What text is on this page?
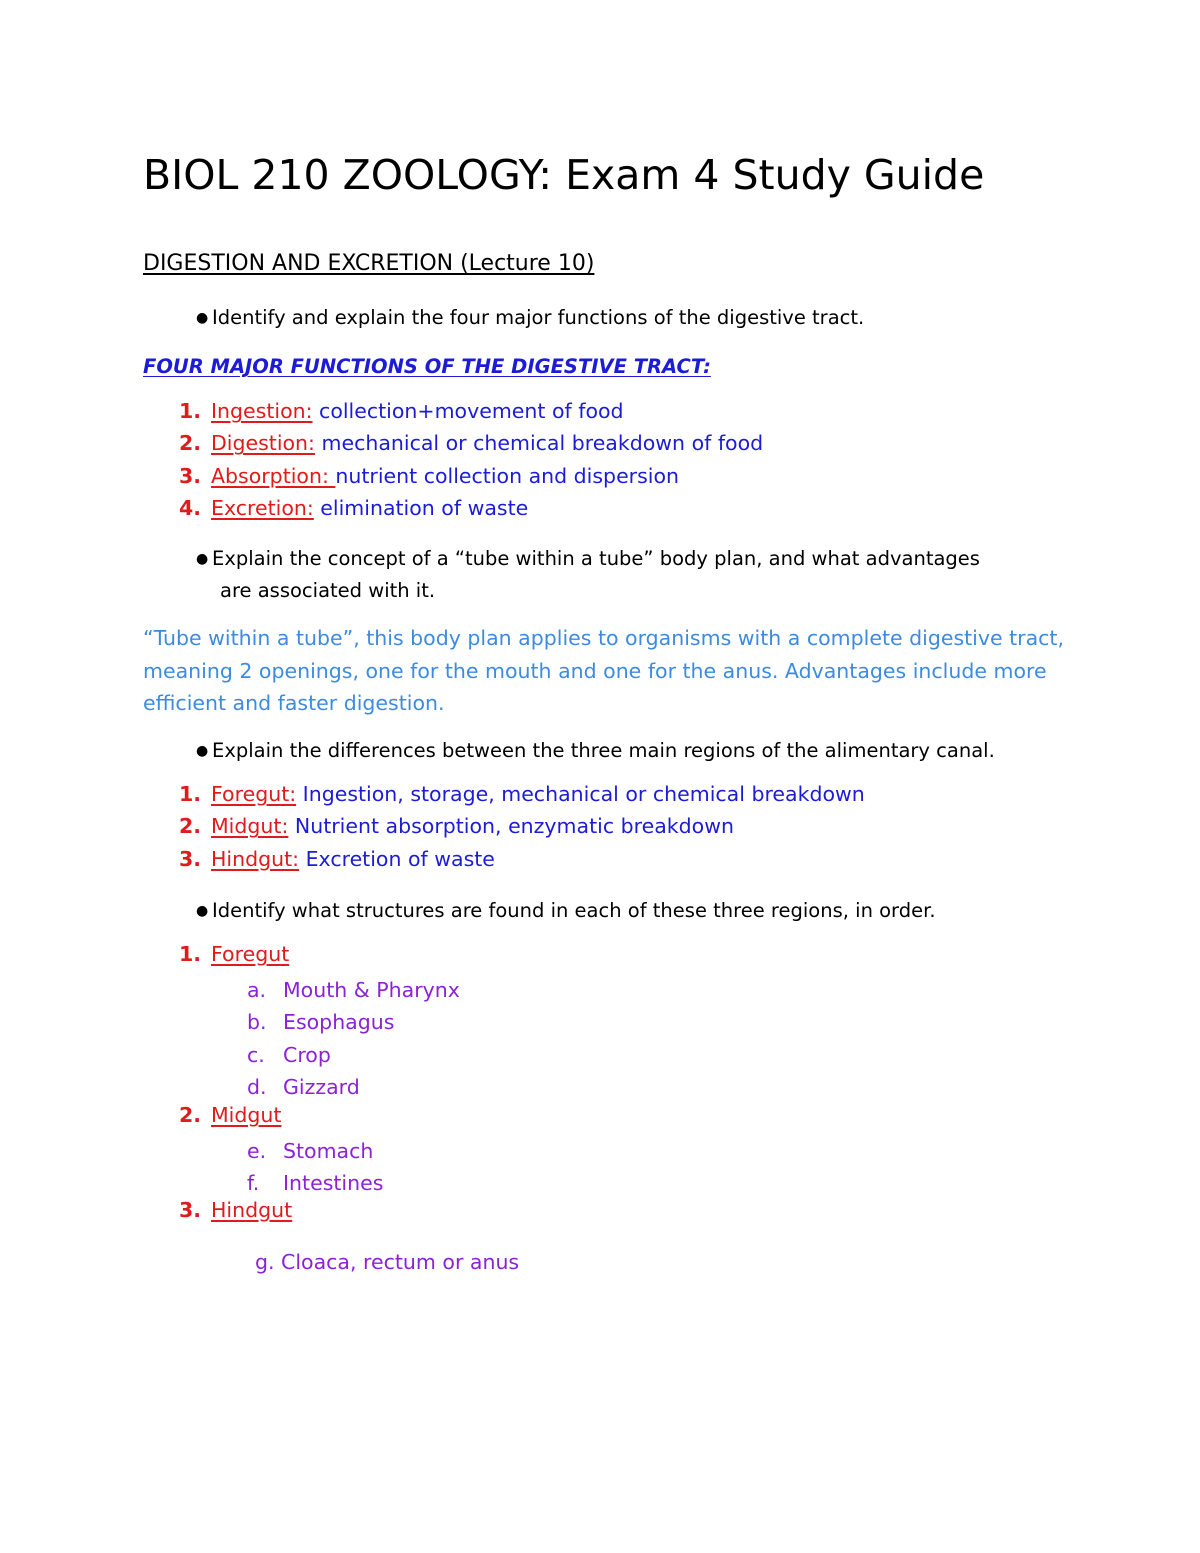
BIOL 210 ZOOLOGY: Exam 4 Study Guide
DIGESTION AND EXCRETION (Lecture 10)
● Identify and explain the four major functions of the digestive tract.
FOUR MAJOR FUNCTIONS OF THE DIGESTIVE TRACT:
1. Ingestion: collection+movement of food
2. Digestion: mechanical or chemical breakdown of food
3. Absorption: nutrient collection and dispersion
4. Excretion: elimination of waste
● Explain the concept of a “tube within a tube” body plan, and what advantages
are associated with it.
“Tube within a tube”, this body plan applies to organisms with a complete digestive tract, meaning 2 openings, one for the mouth and one for the anus. Advantages include more efficient and faster digestion.
● Explain the differences between the three main regions of the alimentary canal.
1. Foregut: Ingestion, storage, mechanical or chemical breakdown
2. Midgut: Nutrient absorption, enzymatic breakdown
3. Hindgut: Excretion of waste
● Identify what structures are found in each of these three regions, in order.
1. Foregut
a. Mouth & Pharynx
b. Esophagus
c. Crop
d. Gizzard
2. Midgut
e. Stomach
f. Intestines
3. Hindgut
g. Cloaca, rectum or anus
